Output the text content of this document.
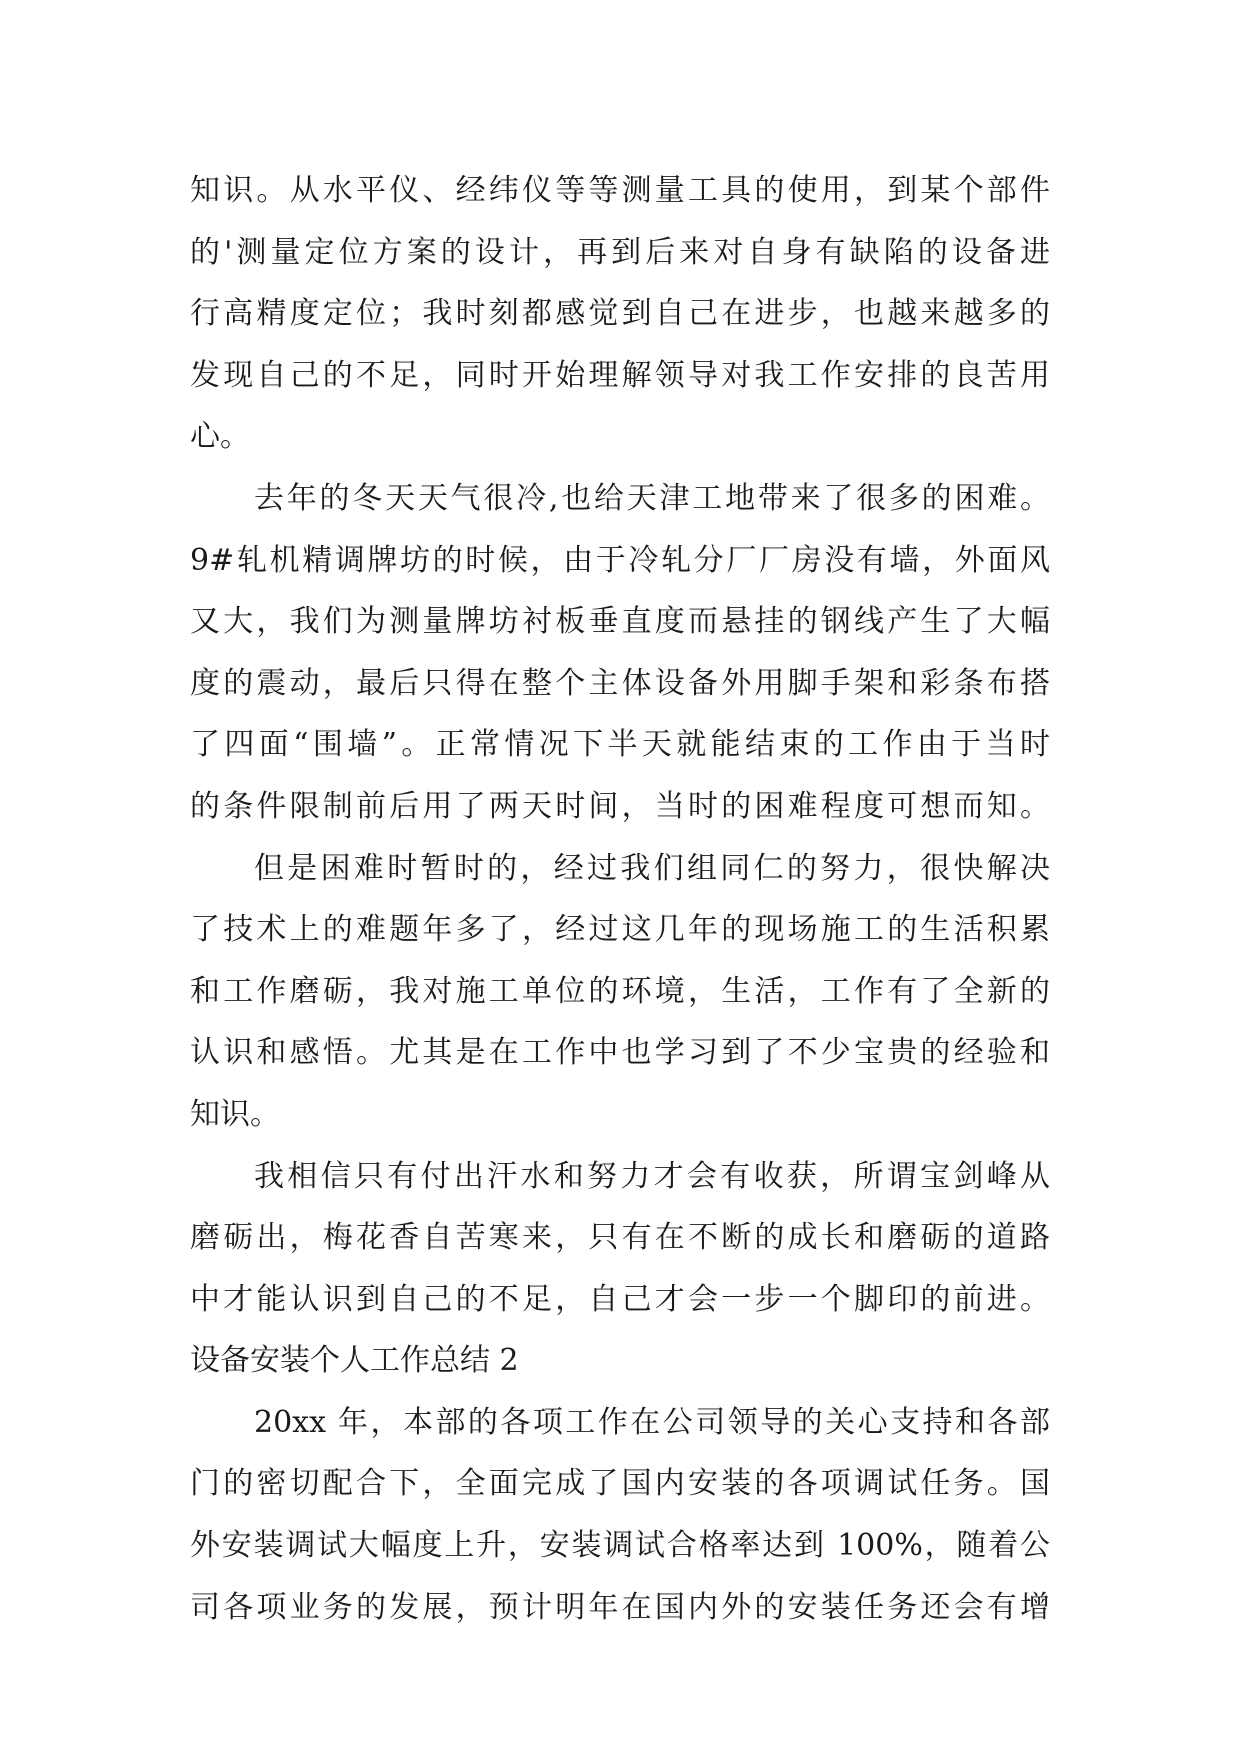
知识。从水平仪、经纬仪等等测量工具的使用，到某个部件
的'测量定位方案的设计，再到后来对自身有缺陷的设备进
行高精度定位；我时刻都感觉到自己在进步，也越来越多的
发现自己的不足，同时开始理解领导对我工作安排的良苦用
心。
去年的冬天天气很冷,也给天津工地带来了很多的困难。
9#轧机精调牌坊的时候，由于冷轧分厂厂房没有墙，外面风
又大，我们为测量牌坊衬板垂直度而悬挂的钢线产生了大幅
度的震动，最后只得在整个主体设备外用脚手架和彩条布搭
了四面“围墙”。正常情况下半天就能结束的工作由于当时
的条件限制前后用了两天时间，当时的困难程度可想而知。
但是困难时暂时的，经过我们组同仁的努力，很快解决
了技术上的难题年多了，经过这几年的现场施工的生活积累
和工作磨砺，我对施工单位的环境，生活，工作有了全新的
认识和感悟。尤其是在工作中也学习到了不少宝贵的经验和
知识。
我相信只有付出汗水和努力才会有收获，所谓宝剑峰从
磨砺出，梅花香自苦寒来，只有在不断的成长和磨砺的道路
中才能认识到自己的不足，自己才会一步一个脚印的前进。
设备安装个人工作总结 2
20xx 年，本部的各项工作在公司领导的关心支持和各部
门的密切配合下，全面完成了国内安装的各项调试任务。国
外安装调试大幅度上升，安装调试合格率达到 100%，随着公
司各项业务的发展，预计明年在国内外的安装任务还会有增
